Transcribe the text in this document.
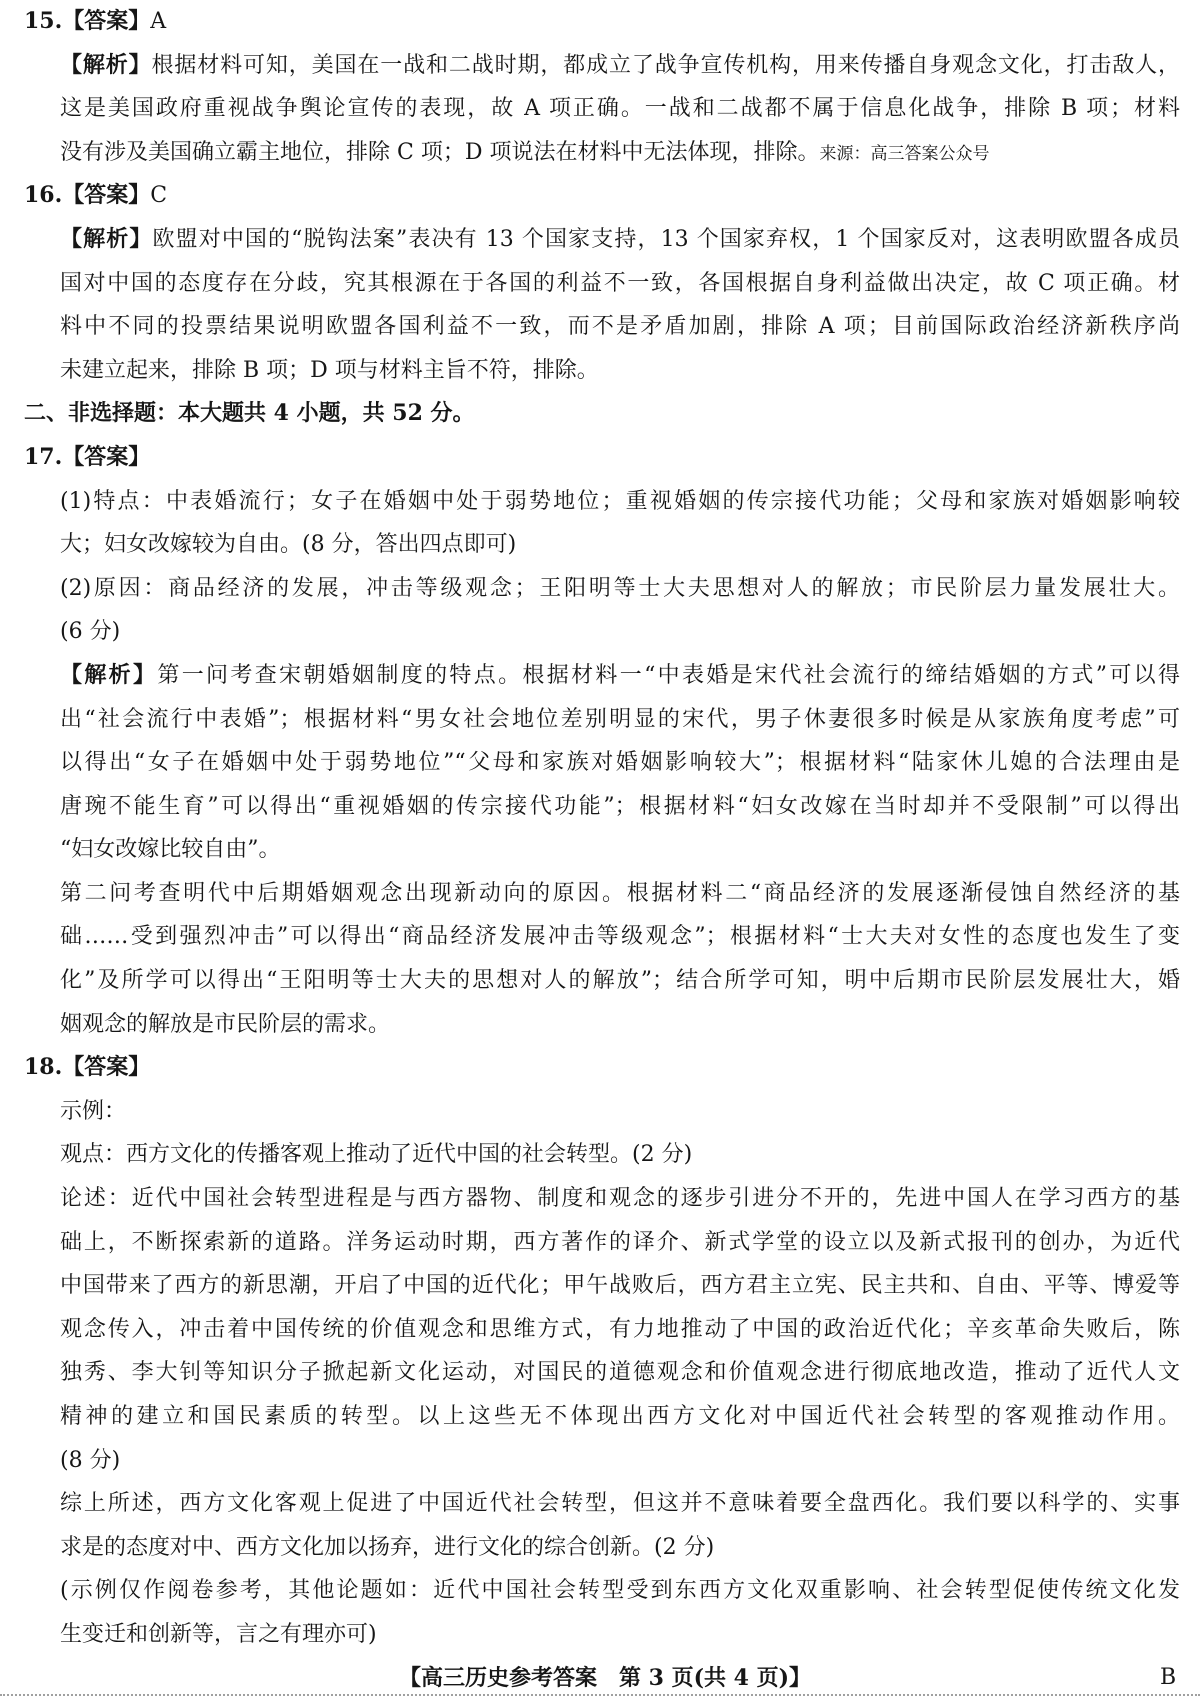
15.【答案】A
【解析】根据材料可知，美国在一战和二战时期，都成立了战争宣传机构，用来传播自身观念文化，打击敌人，
这是美国政府重视战争舆论宣传的表现，故 A 项正确。一战和二战都不属于信息化战争，排除 B 项；材料
没有涉及美国确立霸主地位，排除 C 项；D 项说法在材料中无法体现，排除。来源：高三答案公众号
16.【答案】C
【解析】欧盟对中国的“脱钩法案”表决有 13 个国家支持，13 个国家弃权，1 个国家反对，这表明欧盟各成员
国对中国的态度存在分歧，究其根源在于各国的利益不一致，各国根据自身利益做出决定，故 C 项正确。材
料中不同的投票结果说明欧盟各国利益不一致，而不是矛盾加剧，排除 A 项；目前国际政治经济新秩序尚
未建立起来，排除 B 项；D 项与材料主旨不符，排除。
二、非选择题：本大题共 4 小题，共 52 分。
17.【答案】
(1)特点：中表婚流行；女子在婚姻中处于弱势地位；重视婚姻的传宗接代功能；父母和家族对婚姻影响较
大；妇女改嫁较为自由。(8 分，答出四点即可)
(2)原因：商品经济的发展，冲击等级观念；王阳明等士大夫思想对人的解放；市民阶层力量发展壮大。
(6 分)
【解析】第一问考查宋朝婚姻制度的特点。根据材料一“中表婚是宋代社会流行的缔结婚姻的方式”可以得
出“社会流行中表婚”；根据材料“男女社会地位差别明显的宋代，男子休妻很多时候是从家族角度考虑”可
以得出“女子在婚姻中处于弱势地位”“父母和家族对婚姻影响较大”；根据材料“陆家休儿媳的合法理由是
唐琬不能生育”可以得出“重视婚姻的传宗接代功能”；根据材料“妇女改嫁在当时却并不受限制”可以得出
“妇女改嫁比较自由”。
第二问考查明代中后期婚姻观念出现新动向的原因。根据材料二“商品经济的发展逐渐侵蚀自然经济的基
础……受到强烈冲击”可以得出“商品经济发展冲击等级观念”；根据材料“士大夫对女性的态度也发生了变
化”及所学可以得出“王阳明等士大夫的思想对人的解放”；结合所学可知，明中后期市民阶层发展壮大，婚
姻观念的解放是市民阶层的需求。
18.【答案】
示例：
观点：西方文化的传播客观上推动了近代中国的社会转型。(2 分)
论述：近代中国社会转型进程是与西方器物、制度和观念的逐步引进分不开的，先进中国人在学习西方的基
础上，不断探索新的道路。洋务运动时期，西方著作的译介、新式学堂的设立以及新式报刊的创办，为近代
中国带来了西方的新思潮，开启了中国的近代化；甲午战败后，西方君主立宪、民主共和、自由、平等、博爱等
观念传入，冲击着中国传统的价值观念和思维方式，有力地推动了中国的政治近代化；辛亥革命失败后，陈
独秀、李大钊等知识分子掀起新文化运动，对国民的道德观念和价值观念进行彻底地改造，推动了近代人文
精神的建立和国民素质的转型。以上这些无不体现出西方文化对中国近代社会转型的客观推动作用。
(8 分)
综上所述，西方文化客观上促进了中国近代社会转型，但这并不意味着要全盘西化。我们要以科学的、实事
求是的态度对中、西方文化加以扬弃，进行文化的综合创新。(2 分)
(示例仅作阅卷参考，其他论题如：近代中国社会转型受到东西方文化双重影响、社会转型促使传统文化发
生变迁和创新等，言之有理亦可)
【高三历史参考答案　第 3 页(共 4 页)】	B
